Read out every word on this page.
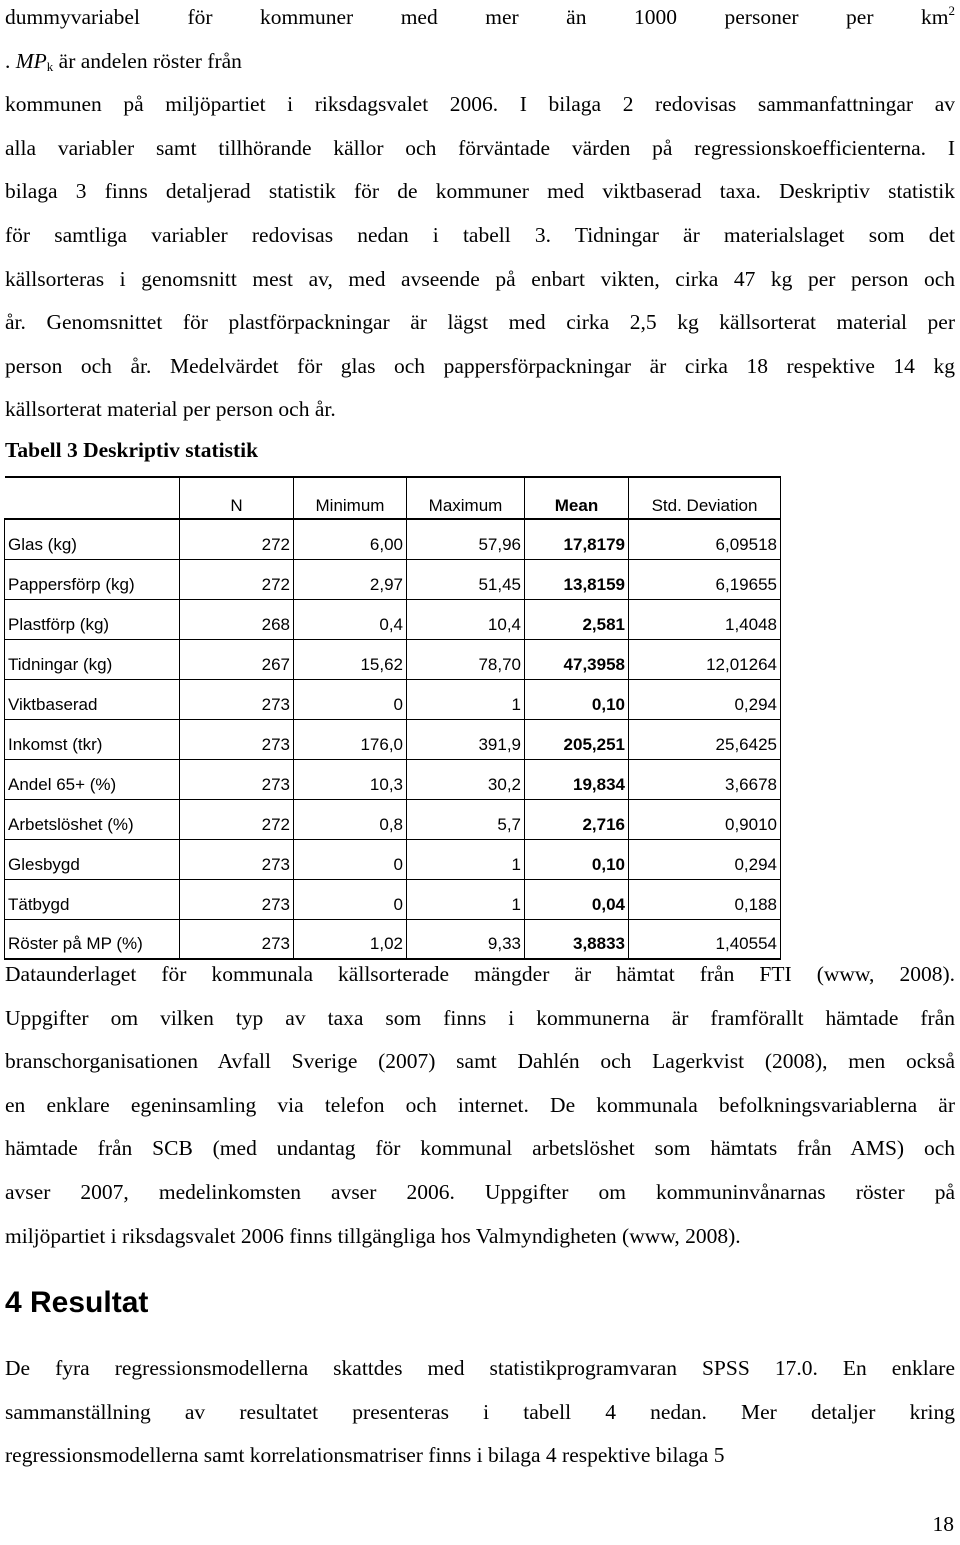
dummyvariabel för kommuner med mer än 1000 personer per $km^2$
. $MP_k$ är andelen röster från
kommunen på miljöpartiet i riksdagsvalet 2006. I bilaga 2 redovisas sammanfattningar av
alla variabler samt tillhörande källor och förväntade värden på regressionskoefficienterna. I
bilaga 3 finns detaljerad statistik för de kommuner med viktbaserad taxa. Deskriptiv statistik
för samtliga variabler redovisas nedan i tabell 3. Tidningar är materialslaget som det
källsorteras i genomsnitt mest av, med avseende på enbart vikten, cirka 47 kg per person och
år. Genomsnittet för plastförpackningar är lägst med cirka 2,5 kg källsorterat material per
person och år. Medelvärdet för glas och pappersförpackningar är cirka 18 respektive 14 kg
källsorterat material per person och år.

Tabell 3 Deskriptiv statistik

	N	Minimum	Maximum	Mean	Std. Deviation
Glas (kg)	272	6,00	57,96	17,8179	6,09518
Pappersförp (kg)	272	2,97	51,45	13,8159	6,19655
Plastförp (kg)	268	0,4	10,4	2,581	1,4048
Tidningar (kg)	267	15,62	78,70	47,3958	12,01264
Viktbaserad	273	0	1	0,10	0,294
Inkomst (tkr)	273	176,0	391,9	205,251	25,6425
Andel 65+ (%)	273	10,3	30,2	19,834	3,6678
Arbetslöshet (%)	272	0,8	5,7	2,716	0,9010
Glesbygd	273	0	1	0,10	0,294
Tätbygd	273	0	1	0,04	0,188
Röster på MP (%)	273	1,02	9,33	3,8833	1,40554
Dataunderlaget för kommunala källsorterade mängder är hämtat från FTI (www, 2008).
Uppgifter om vilken typ av taxa som finns i kommunerna är framförallt hämtade från
branschorganisationen Avfall Sverige (2007) samt Dahlén och Lagerkvist (2008), men också
en enklare egeninsamling via telefon och internet. De kommunala befolkningsvariablerna är
hämtade från SCB (med undantag för kommunal arbetslöshet som hämtats från AMS) och
avser 2007, medelinkomsten avser 2006. Uppgifter om kommuninvånarnas röster på
miljöpartiet i riksdagsvalet 2006 finns tillgängliga hos Valmyndigheten (www, 2008).
4 Resultat
De fyra regressionsmodellerna skattdes med statistikprogramvaran SPSS 17.0. En enklare
sammanställning av resultatet presenteras i tabell 4 nedan. Mer detaljer kring
regressionsmodellerna samt korrelationsmatriser finns i bilaga 4 respektive bilaga 5
18
